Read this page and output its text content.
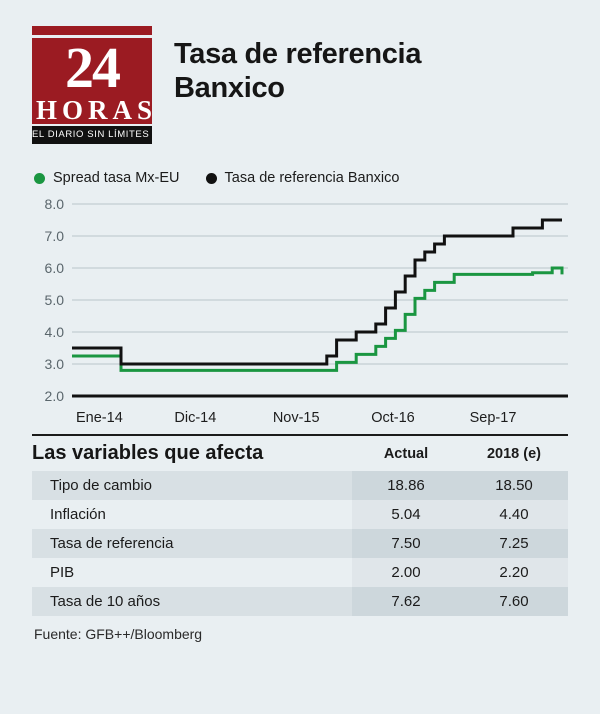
24
HORAS
EL DIARIO SIN LÍMITES
Tasa de referencia
Banxico
Spread tasa Mx-EU	Tasa de referencia Banxico
8.0
7.0
6.0
5.0
4.0
3.0
2.0
Ene-14	Dic-14	Nov-15	Oct-16	Sep-17
Las variables que afecta	Actual	2018 (e)
Tipo de cambio	18.86	18.50
Inflación	5.04	4.40
Tasa de referencia	7.50	7.25
PIB	2.00	2.20
Tasa de 10 años	7.62	7.60
Fuente: GFB++/Bloomberg
